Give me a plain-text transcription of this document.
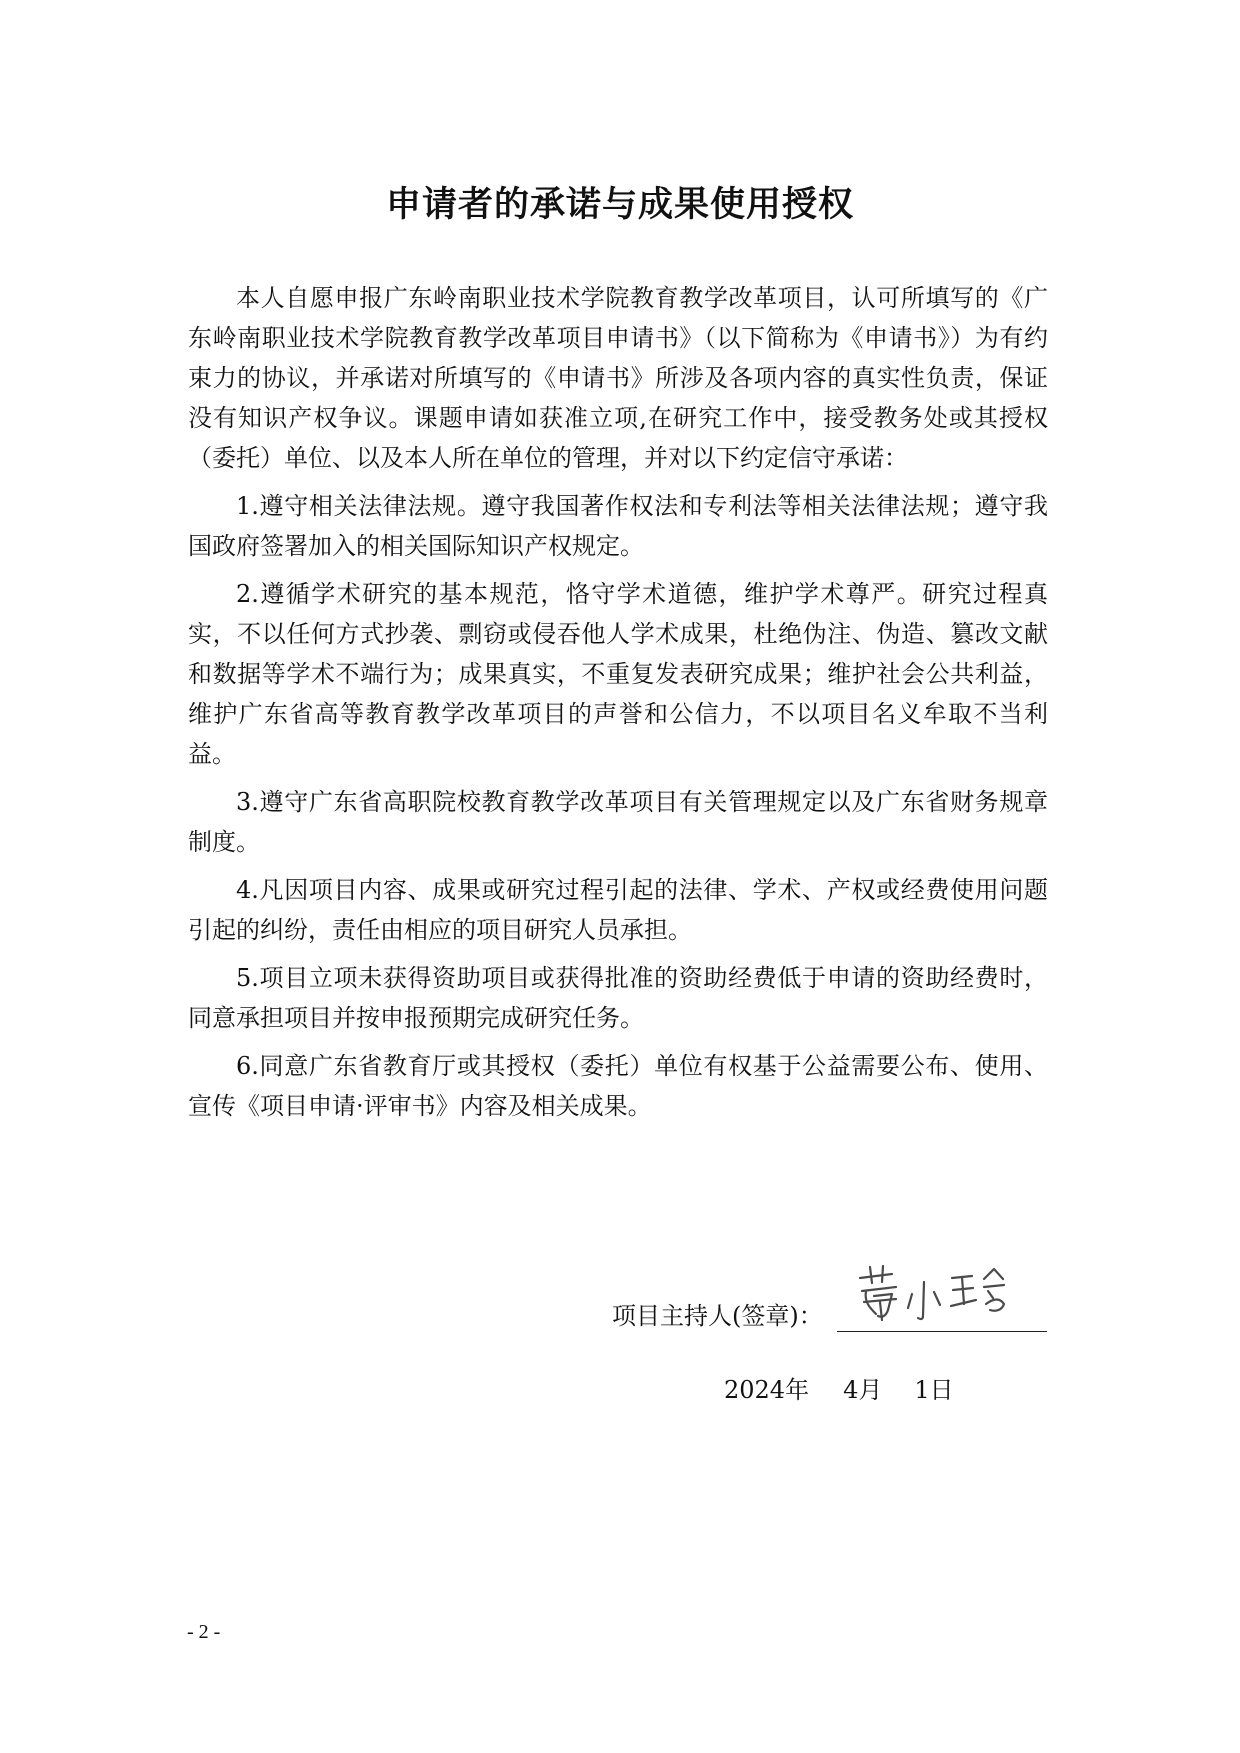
申请者的承诺与成果使用授权

本人自愿申报广东岭南职业技术学院教育教学改革项目，认可所填写的《广东岭南职业技术学院教育教学改革项目申请书》（以下简称为《申请书》）为有约束力的协议，并承诺对所填写的《申请书》所涉及各项内容的真实性负责，保证没有知识产权争议。课题申请如获准立项,在研究工作中，接受教务处或其授权（委托）单位、以及本人所在单位的管理，并对以下约定信守承诺：

1.遵守相关法律法规。遵守我国著作权法和专利法等相关法律法规；遵守我国政府签署加入的相关国际知识产权规定。

2.遵循学术研究的基本规范，恪守学术道德，维护学术尊严。研究过程真实，不以任何方式抄袭、剽窃或侵吞他人学术成果，杜绝伪注、伪造、篡改文献和数据等学术不端行为；成果真实，不重复发表研究成果；维护社会公共利益，维护广东省高等教育教学改革项目的声誉和公信力，不以项目名义牟取不当利益。

3.遵守广东省高职院校教育教学改革项目有关管理规定以及广东省财务规章制度。

4.凡因项目内容、成果或研究过程引起的法律、学术、产权或经费使用问题引起的纠纷，责任由相应的项目研究人员承担。

5.项目立项未获得资助项目或获得批准的资助经费低于申请的资助经费时，同意承担项目并按申报预期完成研究任务。

6.同意广东省教育厅或其授权（委托）单位有权基于公益需要公布、使用、宣传《项目申请·评审书》内容及相关成果。

项目主持人(签章)：
2024年 4月 1日
- 2 -
